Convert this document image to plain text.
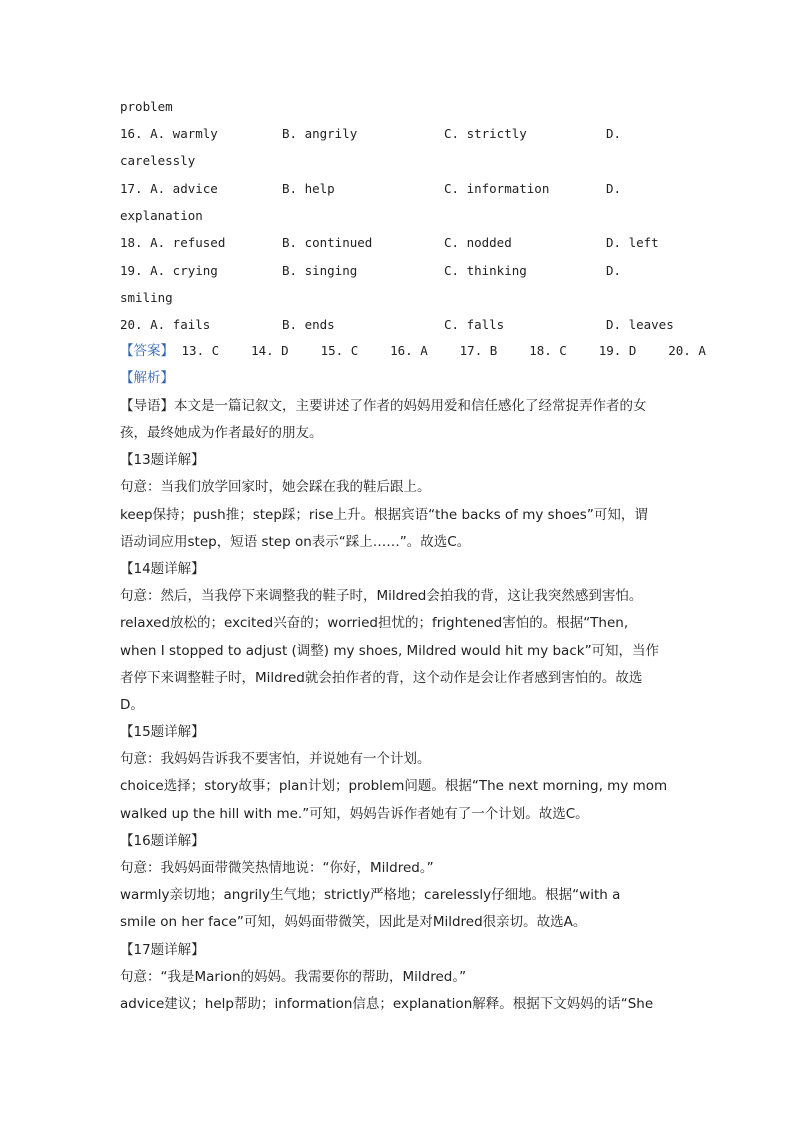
problem
16. A. warmly	B. angrily	C. strictly	D.
carelessly
17. A. advice	B. help	C. information	D.
explanation
18. A. refused	B. continued	C. nodded	D. left
19. A. crying	B. singing	C. thinking	D.
smiling
20. A. fails	B. ends	C. falls	D. leaves
【答案】 13. C	14. D	15. C	16. A	17. B	18. C	19. D	20. A
【解析】
【导语】本文是一篇记叙文，主要讲述了作者的妈妈用爱和信任感化了经常捉弄作者的女
孩，最终她成为作者最好的朋友。
【13题详解】
句意：当我们放学回家时，她会踩在我的鞋后跟上。
keep保持；push推；step踩；rise上升。根据宾语“the backs of my shoes”可知，谓
语动词应用step，短语 step on表示“踩上……”。故选C。
【14题详解】
句意：然后，当我停下来调整我的鞋子时，Mildred会拍我的背，这让我突然感到害怕。
relaxed放松的；excited兴奋的；worried担忧的；frightened害怕的。根据“Then,
when I stopped to adjust (调整) my shoes, Mildred would hit my back”可知，当作
者停下来调整鞋子时，Mildred就会拍作者的背，这个动作是会让作者感到害怕的。故选
D。
【15题详解】
句意：我妈妈告诉我不要害怕，并说她有一个计划。
choice选择；story故事；plan计划；problem问题。根据“The next morning, my mom
walked up the hill with me.”可知，妈妈告诉作者她有了一个计划。故选C。
【16题详解】
句意：我妈妈面带微笑热情地说：“你好，Mildred。”
warmly亲切地；angrily生气地；strictly严格地；carelessly仔细地。根据“with a
smile on her face”可知，妈妈面带微笑，因此是对Mildred很亲切。故选A。
【17题详解】
句意：“我是Marion的妈妈。我需要你的帮助，Mildred。”
advice建议；help帮助；information信息；explanation解释。根据下文妈妈的话“She
